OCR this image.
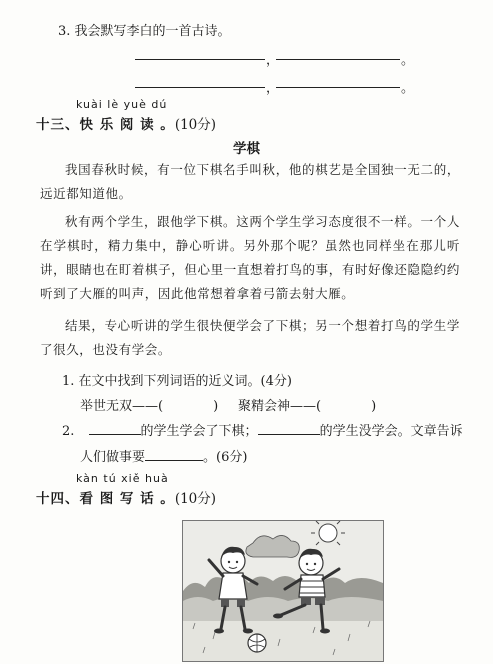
3. 我会默写李白的一首古诗。
，	。
，	。
kuài lè yuè dú
十三、快 乐 阅 读 。(10分)
学棋
我国春秋时候，有一位下棋名手叫秋，他的棋艺是全国独一无二的，远近都知道他。
秋有两个学生，跟他学下棋。这两个学生学习态度很不一样。一个人在学棋时，精力集中，静心听讲。另外那个呢？虽然也同样坐在那儿听讲，眼睛也在盯着棋子，但心里一直想着打鸟的事，有时好像还隐隐约约听到了大雁的叫声，因此他常想着拿着弓箭去射大雁。
结果，专心听讲的学生很快便学会了下棋；另一个想着打鸟的学生学了很久，也没有学会。
1. 在文中找到下列词语的近义词。(4分)
举世无双——(	) 聚精会神——(	)
2.	的学生学会了下棋；	的学生没学会。文章告诉
人们做事要	。(6分)
kàn tú xiě huà
十四、看 图 写 话 。(10分)
